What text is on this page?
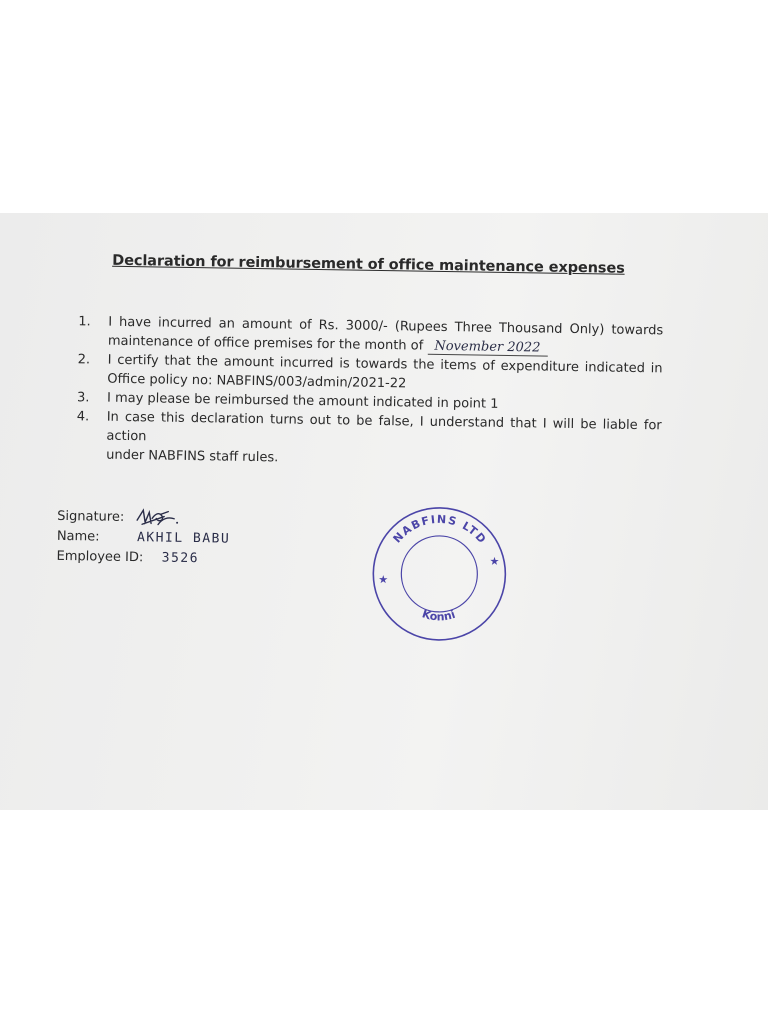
Declaration for reimbursement of office maintenance expenses
1. I have incurred an amount of Rs. 3000/- (Rupees Three Thousand Only) towards
maintenance of office premises for the month of November 2022
2. I certify that the amount incurred is towards the items of expenditure indicated in
Office policy no: NABFINS/003/admin/2021-22
3. I may please be reimbursed the amount indicated in point 1
4. In case this declaration turns out to be false, I understand that I will be liable for action
under NABFINS staff rules.
Signature:
Name:	AKHIL BABU
Employee ID: 3526
NABFINS LTD
Konni
★
★
